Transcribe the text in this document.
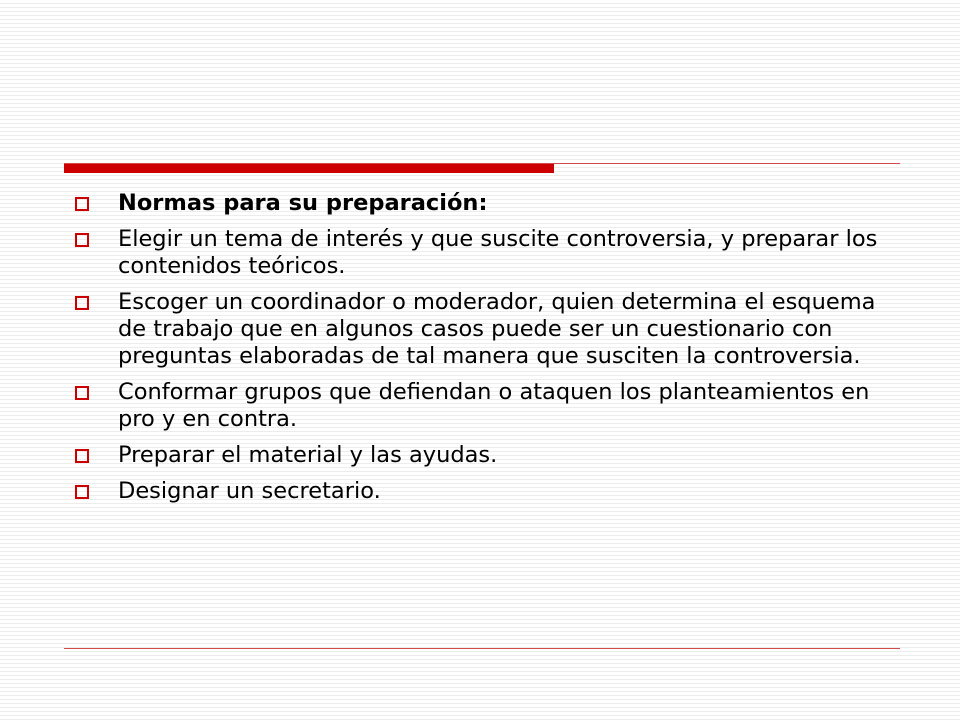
Normas para su preparación:
Elegir un tema de interés y que suscite controversia, y preparar los contenidos teóricos.
Escoger un coordinador o moderador, quien determina el esquema de trabajo que en algunos casos puede ser un cuestionario con preguntas elaboradas de tal manera que susciten la controversia.
Conformar grupos que defiendan o ataquen los planteamientos en pro y en contra.
Preparar el material y las ayudas.
Designar un secretario.
